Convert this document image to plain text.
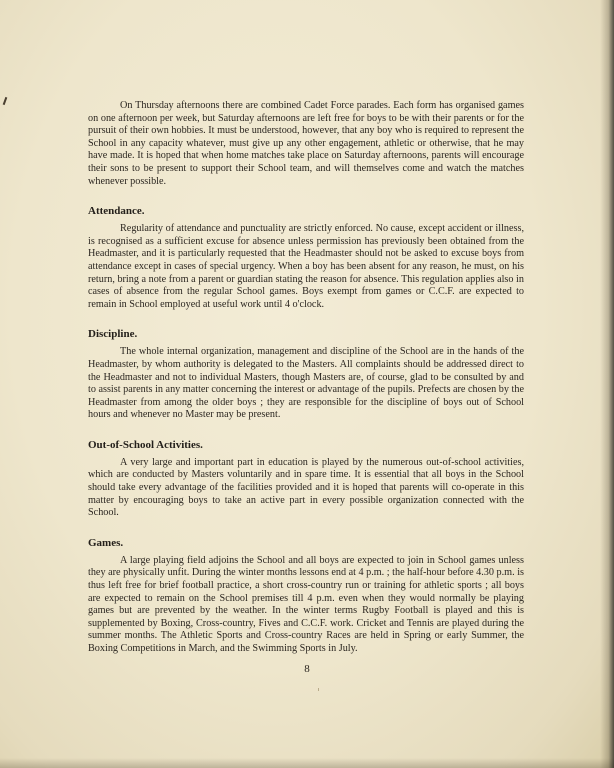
On Thursday afternoons there are combined Cadet Force parades. Each form has organised games on one afternoon per week, but Saturday afternoons are left free for boys to be with their parents or for the pursuit of their own hobbies. It must be understood, however, that any boy who is required to represent the School in any capacity whatever, must give up any other engagement, athletic or otherwise, that he may have made. It is hoped that when home matches take place on Saturday afternoons, parents will encourage their sons to be present to support their School team, and will themselves come and watch the matches whenever possible.

Attendance.

Regularity of attendance and punctuality are strictly enforced. No cause, except accident or illness, is recognised as a sufficient excuse for absence unless permission has previously been obtained from the Headmaster, and it is particularly requested that the Headmaster should not be asked to excuse boys from attendance except in cases of special urgency. When a boy has been absent for any reason, he must, on his return, bring a note from a parent or guardian stating the reason for absence. This regulation applies also in cases of absence from the regular School games. Boys exempt from games or C.C.F. are expected to remain in School employed at useful work until 4 o'clock.

Discipline.

The whole internal organization, management and discipline of the School are in the hands of the Headmaster, by whom authority is delegated to the Masters. All complaints should be addressed direct to the Headmaster and not to individual Masters, though Masters are, of course, glad to be consulted by and to assist parents in any matter concerning the interest or advantage of the pupils. Prefects are chosen by the Headmaster from among the older boys ; they are responsible for the discipline of boys out of School hours and whenever no Master may be present.

Out-of-School Activities.

A very large and important part in education is played by the numerous out-of-school activities, which are conducted by Masters voluntarily and in spare time. It is essential that all boys in the School should take every advantage of the facilities provided and it is hoped that parents will co-operate in this matter by encouraging boys to take an active part in every possible organization connected with the School.

Games.

A large playing field adjoins the School and all boys are expected to join in School games unless they are physically unfit. During the winter months lessons end at 4 p.m. ; the half-hour before 4.30 p.m. is thus left free for brief football practice, a short cross-country run or training for athletic sports ; all boys are expected to remain on the School premises till 4 p.m. even when they would normally be playing games but are prevented by the weather. In the winter terms Rugby Football is played and this is supplemented by Boxing, Cross-country, Fives and C.C.F. work. Cricket and Tennis are played during the summer months. The Athletic Sports and Cross-country Races are held in Spring or early Summer, the Boxing Competitions in March, and the Swimming Sports in July.

8
